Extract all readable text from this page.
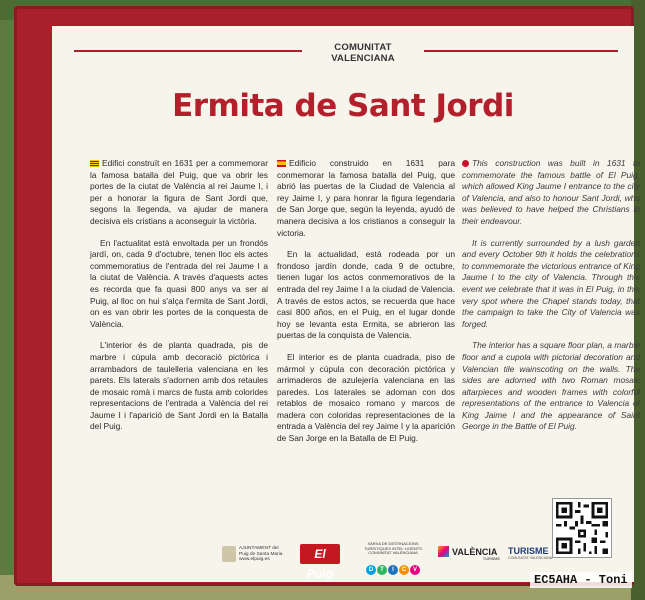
COMUNITAT VALENCIANA
Ermita de Sant Jordi

Edifici construït en 1631 per a commemorar la famosa batalla del Puig, que va obrir les portes de la ciutat de València al rei Jaume I, i per a honorar la figura de Sant Jordi que, segons la llegenda, va ajudar de manera decisiva els cristians a aconseguir la victòria.

En l'actualitat està envoltada per un frondós jardí, on, cada 9 d'octubre, tenen lloc els actes commemoratius de l'entrada del rei Jaume I a la ciutat de València. A través d'aquests actes es recorda que fa quasi 800 anys va ser al Puig, al lloc on hui s'alça l'ermita de Sant Jordi, on es van obrir les portes de la conquesta de València.

L'interior és de planta quadrada, pis de marbre i cúpula amb decoració pictòrica i arrambadors de taulelleria valenciana en les parets. Els laterals s'adornen amb dos retaules de mosaic romà i marcs de fusta amb colorides representacions de l'entrada a València del rei Jaume I i l'aparició de Sant Jordi en la Batalla del Puig.

Edificio construido en 1631 para conmemorar la famosa batalla del Puig, que abrió las puertas de la Ciudad de Valencia al rey Jaime I, y para honrar la figura legendaria de San Jorge que, según la leyenda, ayudó de manera decisiva a los cristianos a conseguir la victoria.

En la actualidad, está rodeada por un frondoso jardín donde, cada 9 de octubre, tienen lugar los actos conmemorativos de la entrada del rey Jaime I a la ciudad de Valencia. A través de estos actos, se recuerda que hace casi 800 años, en el Puig, en el lugar donde hoy se levanta esta Ermita, se abrieron las puertas de la conquista de Valencia.

El interior es de planta cuadrada, piso de mármol y cúpula con decoración pictórica y arrimaderos de azulejería valenciana en las paredes. Los laterales se adornan con dos retablos de mosaico romano y marcos de madera con coloridas representaciones de la entrada a València del rey Jaime I y la aparición de San Jorge en la Batalla de El Puig.

This construction was built in 1631 to commemorate the famous battle of El Puig, which allowed King Jaume I entrance to the city of Valencia, and also to honour Sant Jordi, who was believed to have helped the Christians in their endeavour.

It is currently surrounded by a lush garden and every October 9th it holds the celebrations to commemorate the victorious entrance of King Jaume I to the city of Valencia. Through this event we celebrate that it was in El Puig, in this very spot where the Chapel stands today, that the campaign to take the City of Valencia was forged.

The interior has a square floor plan, a marble floor and a cupola with pictorial decoration and Valencian tile wainscoting on the walls. The sides are adorned with two Roman mosaic altarpieces and wooden frames with colorful representations of the entrance to Valencia of King Jaime I and the appearance of Saint George in the Battle of El Puig.

AJUNTAMENT del Puig de Santa Maria
www.elpuig.es	El Puig
XARXA DE DESTINACIONS TURÍSTIQUES INTEL·LIGENTS COMUNITAT VALENCIANA
D T I C V
VALÈNCIA
TURISME
TURISME
COMUNITAT VALENCIANA
EC5AHA - Toni
